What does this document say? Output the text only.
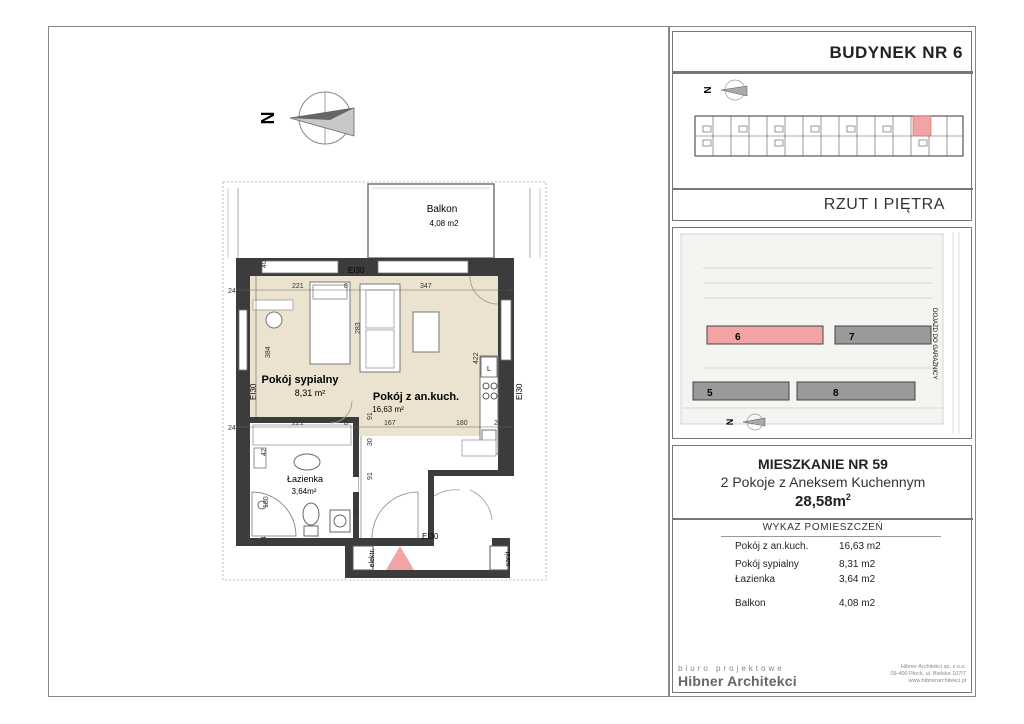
N
L
elektr.	sanit.
Balkon
4,08 m2
Pokój sypialny
8,31 m²	Pokój z an.kuch.
16,63 m²
Łazienka
3,64m²
EI30
EI30	EI30
EI30
40	40
24
221	8	347
24
384
283
422
24
221	8	167	180	24
91
30
91
42
180
81
24
BUDYNEK NR 6
N
RZUT I PIĘTRA
6	7
5	8
DOJAZD DO GARAŻNICY
N
MIESZKANIE NR 59
2 Pokoje z Aneksem Kuchennym
$28,58m^2$
WYKAZ POMIESZCZEŃ
Pokój z an.kuch.	16,63 m2
Pokój sypialny	8,31 m2
Łazienka	3,64 m2
Balkon	4,08 m2
biuro projektowe
Hibner Architekci
Hibner Architekci sp. z o.o.
09-400 Płock, ul. Bielska 107/7
www.hibnerarchitekci.pl
